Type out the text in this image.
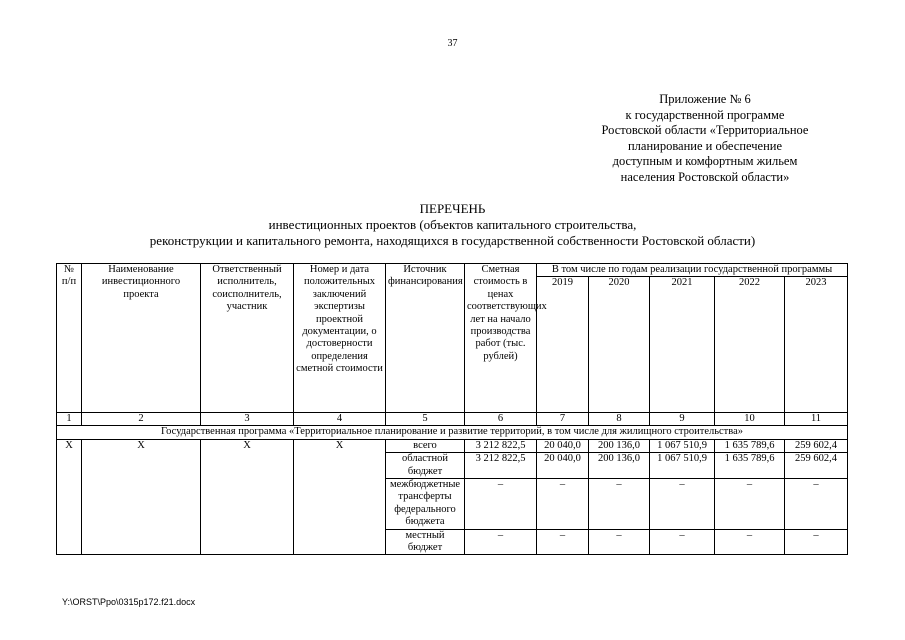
37
Приложение № 6
к государственной программе
Ростовской области «Территориальное
планирование и обеспечение
доступным и комфортным жильем
населения Ростовской области»
ПЕРЕЧЕНЬ
инвестиционных проектов (объектов капитального строительства,
реконструкции и капитального ремонта, находящихся в государственной собственности Ростовской области)
№ п/п	Наименование инвестиционного проекта	Ответственный исполнитель, соисполнитель, участник	Номер и дата положительных заключений экспертизы проектной документации, о достоверности определения сметной стоимости	Источник финансирования	Сметная стоимость в ценах соответствующих лет на начало производства работ (тыс. рублей)	В том числе по годам реализации государственной программы				
						2019	2020	2021	2022	2023
1	2	3	4	5	6	7	8	9	10	11
Государственная программа «Территориальное планирование и развитие территорий, в том числе для жилищного строительства»										
Х	Х	Х	Х	всего	3 212 822,5	20 040,0	200 136,0	1 067 510,9	1 635 789,6	259 602,4
				областной бюджет	3 212 822,5	20 040,0	200 136,0	1 067 510,9	1 635 789,6	259 602,4
				межбюджетные трансферты федерального бюджета	–	–	–	–	–	–
				местный бюджет	–	–	–	–	–	–
Y:\ORST\Ppo\0315p172.f21.docx
